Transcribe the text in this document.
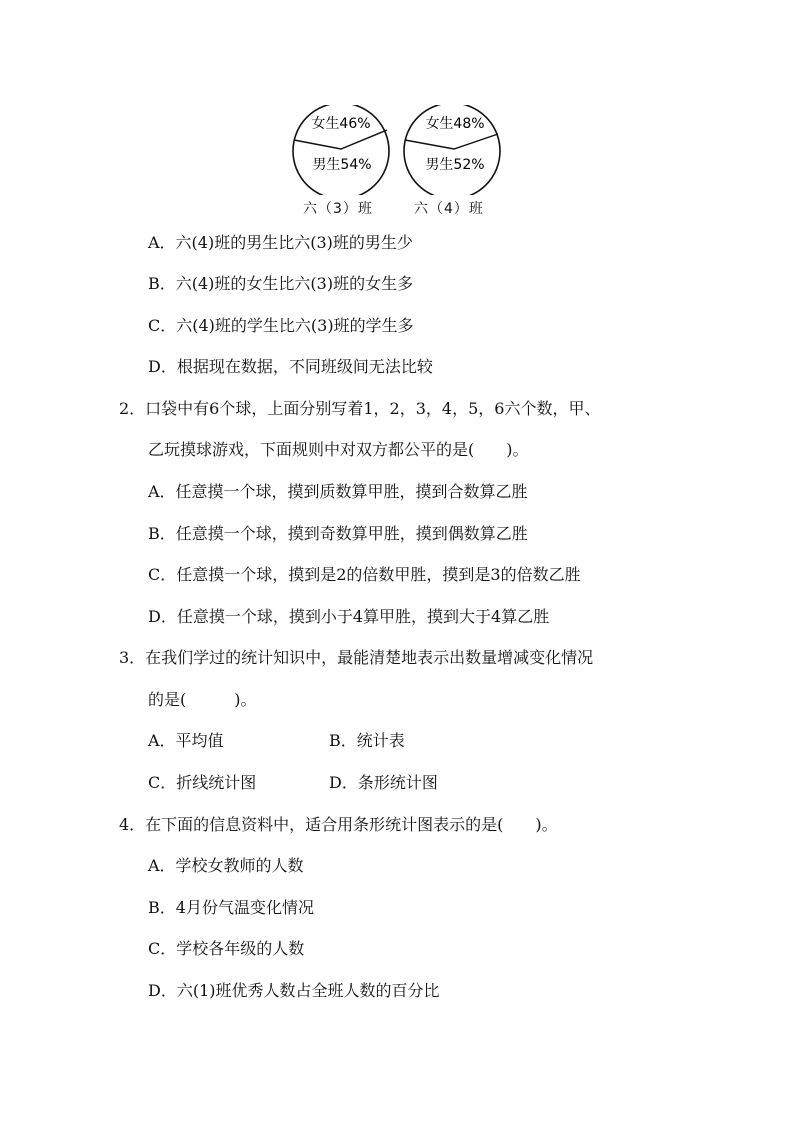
女生46%
男生54%
女生48%
男生52%
六（3）班	六（4）班
A．六(4)班的男生比六(3)班的男生少
B．六(4)班的女生比六(3)班的女生多
C．六(4)班的学生比六(3)班的学生多
D．根据现在数据，不同班级间无法比较
2．口袋中有6个球，上面分别写着1，2，3，4，5，6六个数，甲、
乙玩摸球游戏，下面规则中对双方都公平的是(　　)。
A．任意摸一个球，摸到质数算甲胜，摸到合数算乙胜
B．任意摸一个球，摸到奇数算甲胜，摸到偶数算乙胜
C．任意摸一个球，摸到是2的倍数甲胜，摸到是3的倍数乙胜
D．任意摸一个球，摸到小于4算甲胜，摸到大于4算乙胜
3．在我们学过的统计知识中，最能清楚地表示出数量增减变化情况
的是(　　　)。
A．平均值	B．统计表
C．折线统计图	D．条形统计图
4．在下面的信息资料中，适合用条形统计图表示的是(　　)。
A．学校女教师的人数
B．4月份气温变化情况
C．学校各年级的人数
D．六(1)班优秀人数占全班人数的百分比
